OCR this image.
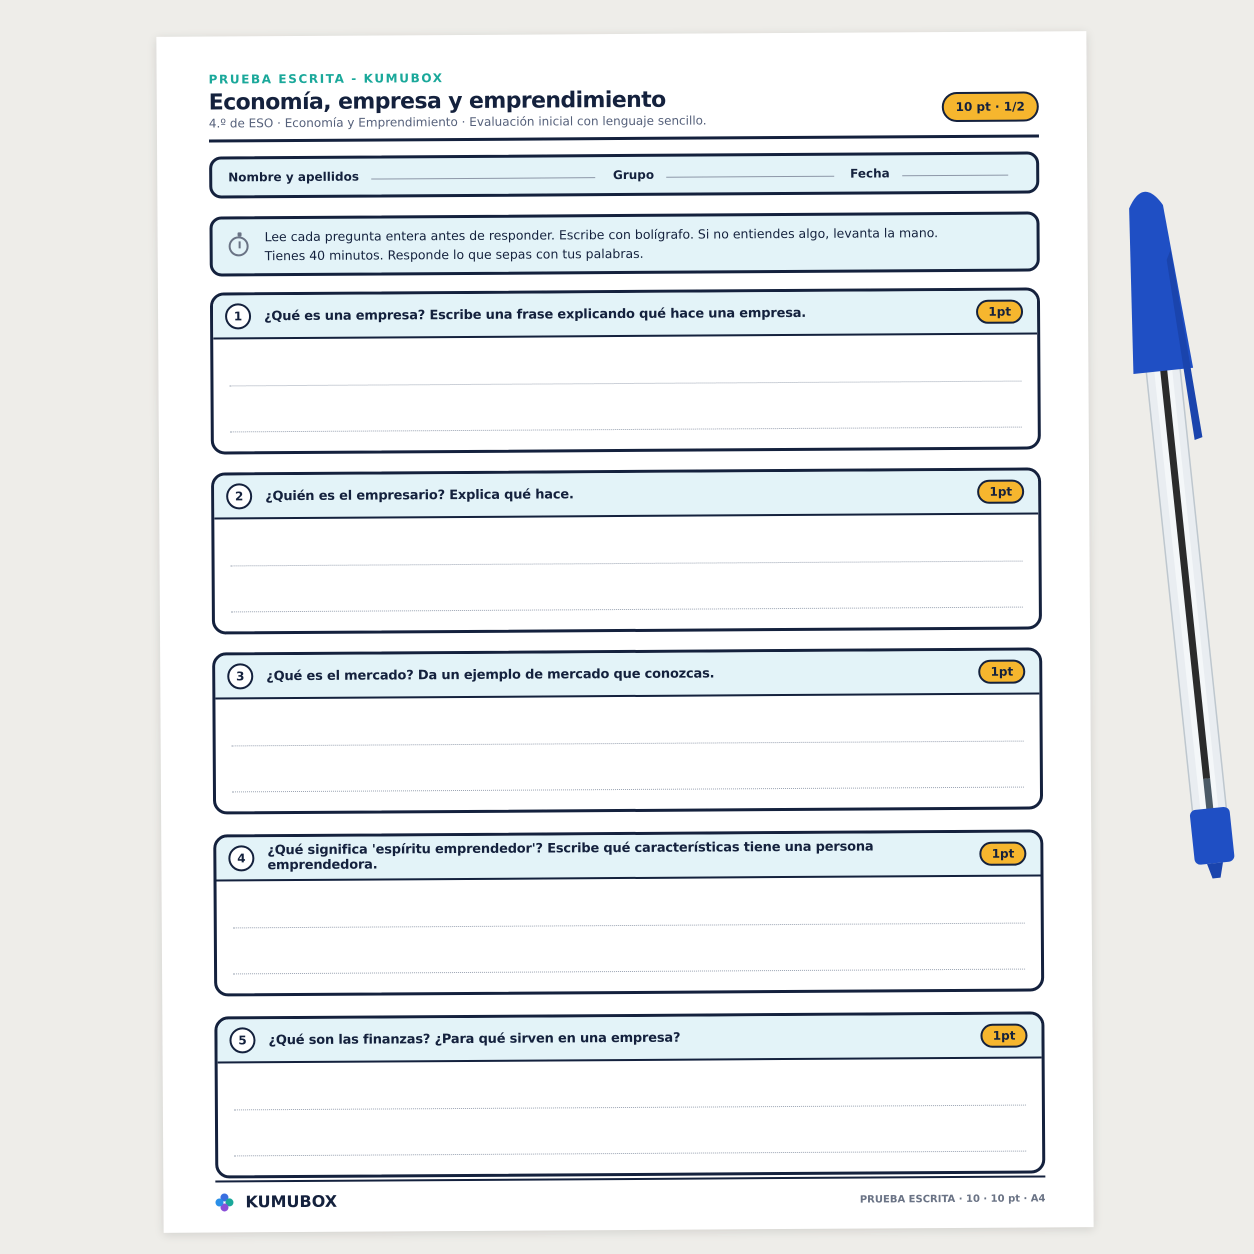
PRUEBA ESCRITA - KUMUBOX
Economía, empresa y emprendimiento
4.º de ESO · Economía y Emprendimiento · Evaluación inicial con lenguaje sencillo.
10 pt · 1/2
Nombre y apellidos	Grupo	Fecha
Lee cada pregunta entera antes de responder. Escribe con bolígrafo. Si no entiendes algo, levanta la mano.
Tienes 40 minutos. Responde lo que sepas con tus palabras.
1	¿Qué es una empresa? Escribe una frase explicando qué hace una empresa.	1pt
2	¿Quién es el empresario? Explica qué hace.	1pt
3	¿Qué es el mercado? Da un ejemplo de mercado que conozcas.	1pt
4
¿Qué significa 'espíritu emprendedor'? Escribe qué características tiene una persona emprendedora.
1pt
5	¿Qué son las finanzas? ¿Para qué sirven en una empresa?	1pt
KUMUBOX	PRUEBA ESCRITA · 10 · 10 pt · A4
